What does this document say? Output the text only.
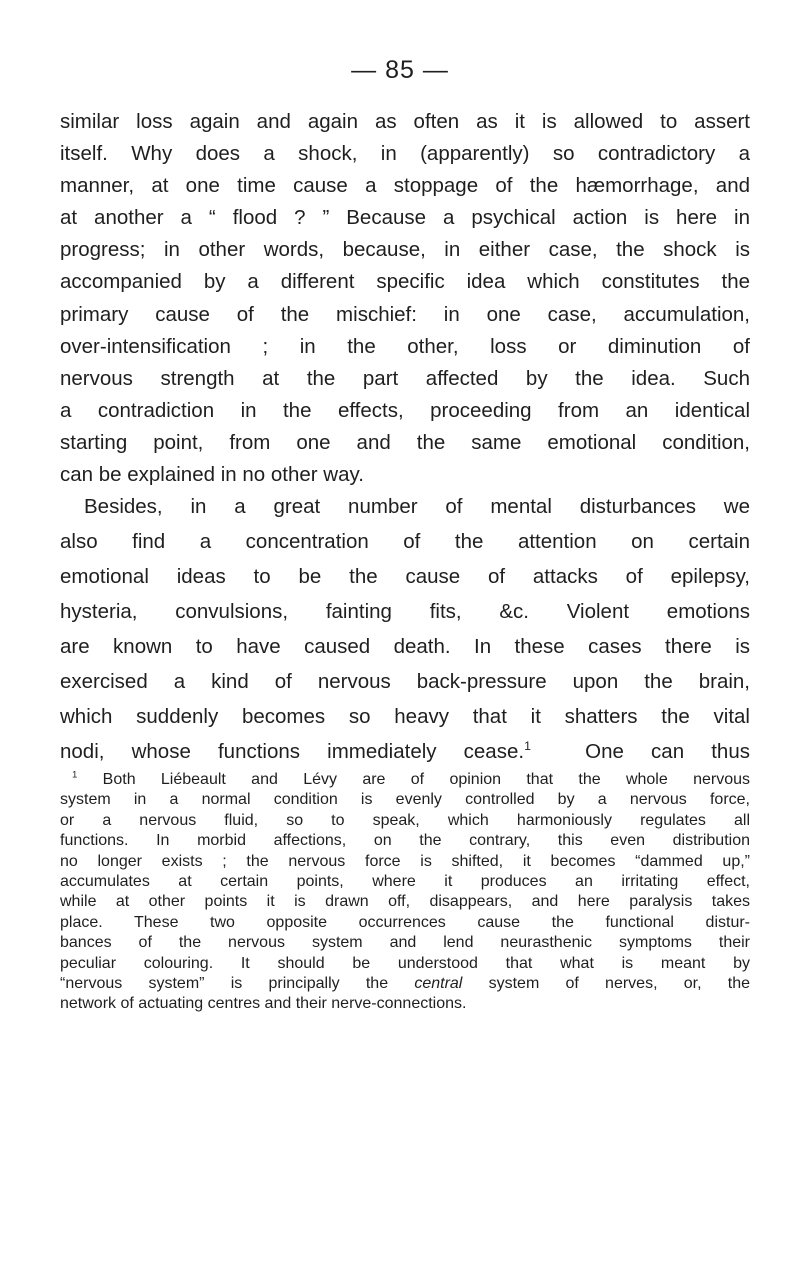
— 85 —
similar loss again and again as often as it is allowed to assert
itself. Why does a shock, in (apparently) so contradictory a
manner, at one time cause a stoppage of the hæmorrhage, and
at another a “ flood ? ” Because a psychical action is here in
progress; in other words, because, in either case, the shock is
accompanied by a different specific idea which constitutes the
primary cause of the mischief: in one case, accumulation,
over-intensification ; in the other, loss or diminution of
nervous strength at the part affected by the idea. Such
a contradiction in the effects, proceeding from an identical
starting point, from one and the same emotional condition,
can be explained in no other way.
Besides, in a great number of mental disturbances we
also find a concentration of the attention on certain
emotional ideas to be the cause of attacks of epilepsy,
hysteria, convulsions, fainting fits, &c. Violent emotions
are known to have caused death. In these cases there is
exercised a kind of nervous back-pressure upon the brain,
which suddenly becomes so heavy that it shatters the vital
nodi, whose functions immediately cease.$^1$	One can thus
$^1$ Both Liébeault and Lévy are of opinion that the whole nervous
system in a normal condition is evenly controlled by a nervous force,
or a nervous fluid, so to speak, which harmoniously regulates all
functions. In morbid affections, on the contrary, this even distribution
no longer exists ; the nervous force is shifted, it becomes “dammed up,”
accumulates at certain points, where it produces an irritating effect,
while at other points it is drawn off, disappears, and here paralysis takes
place. These two opposite occurrences cause the functional distur-
bances of the nervous system and lend neurasthenic symptoms their
peculiar colouring. It should be understood that what is meant by
“nervous system” is principally the central system of nerves, or, the
network of actuating centres and their nerve-connections.
